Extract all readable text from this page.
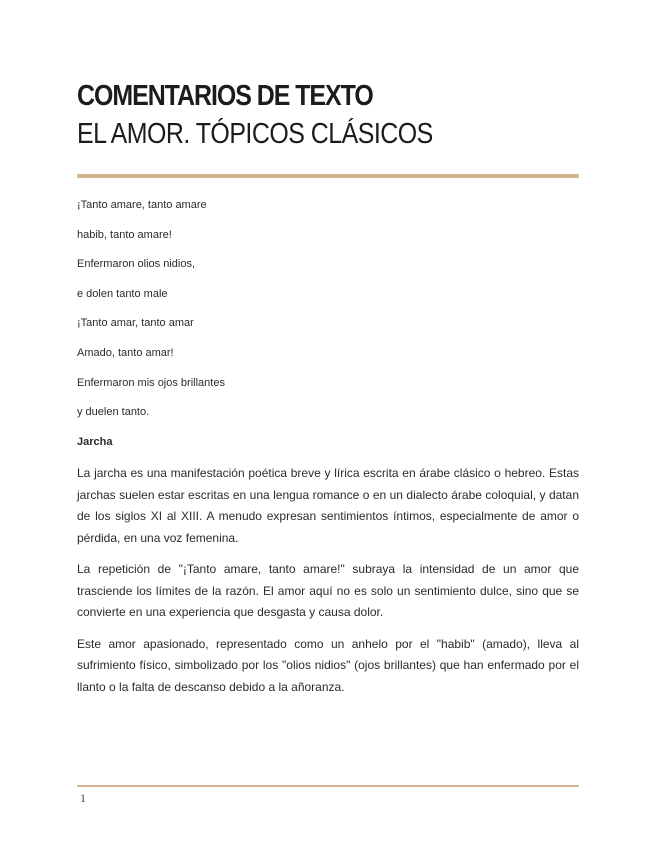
COMENTARIOS DE TEXTO
EL AMOR. TÓPICOS CLÁSICOS
¡Tanto amare, tanto amare
habib, tanto amare!
Enfermaron olios nidios,
e dolen tanto male
¡Tanto amar, tanto amar
Amado, tanto amar!
Enfermaron mis ojos brillantes
y duelen tanto.
Jarcha

La jarcha es una manifestación poética breve y lírica escrita en árabe clásico o hebreo. Estas jarchas suelen estar escritas en una lengua romance o en un dialecto árabe coloquial, y datan de los siglos XI al XIII. A menudo expresan sentimientos íntimos, especialmente de amor o pérdida, en una voz femenina.

La repetición de "¡Tanto amare, tanto amare!" subraya la intensidad de un amor que trasciende los límites de la razón. El amor aquí no es solo un sentimiento dulce, sino que se convierte en una experiencia que desgasta y causa dolor.

Este amor apasionado, representado como un anhelo por el "habib" (amado), lleva al sufrimiento físico, simbolizado por los "olios nidios" (ojos brillantes) que han enfermado por el llanto o la falta de descanso debido a la añoranza.

1
